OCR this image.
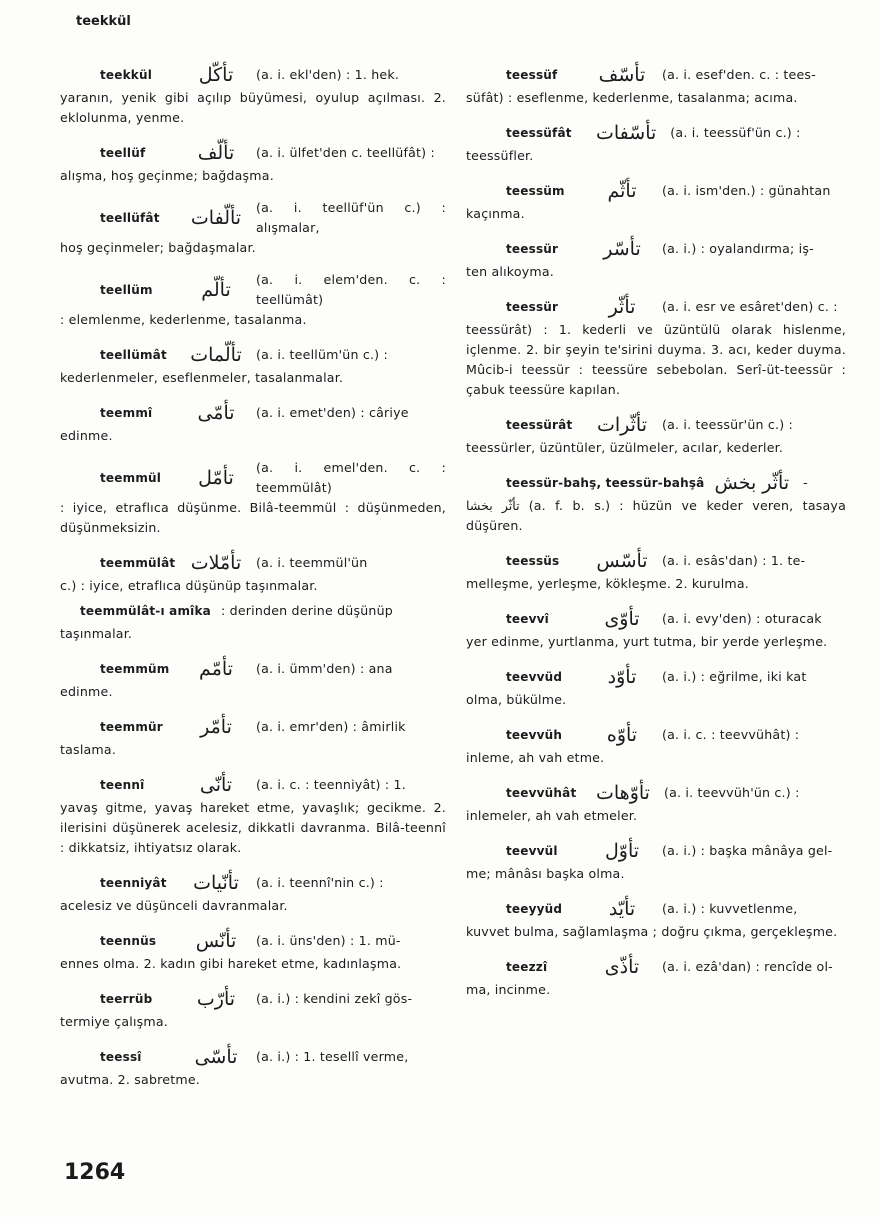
teekkül
teekkül	تأكّل	(a. i. ekl'den) : 1. hek.
yaranın, yenik gibi açılıp büyümesi, oyulup açılması. 2. eklolunma, yenme.
teellüf	تألّف	(a. i. ülfet'den c. teellüfât) :
alışma, hoş geçinme; bağdaşma.
teellüfât	تألّفات (a. i. teellüf'ün c.) : alışmalar,
hoş geçinmeler; bağdaşmalar.
teellüm	تألّم	(a. i. elem'den. c. : teellümât)
: elemlenme, kederlenme, tasalanma.
teellümât	تألّمات (a. i. teellüm'ün c.) :
kederlenmeler, eseflenmeler, tasalanmalar.
teemmî	تأمّى	(a. i. emet'den) : câriye
edinme.
teemmül	تأمّل	(a. i. emel'den. c. : teemmülât)
: iyice, etraflıca düşünme. Bilâ-teemmül : düşünmeden, düşünmeksizin.
teemmülât تأمّلات (a. i. teemmül'ün
c.) : iyice, etraflıca düşünüp taşınmalar.
teemmülât-ı amîka : derinden derine düşünüp
taşınmalar.
teemmüm	تأمّم	(a. i. ümm'den) : ana
edinme.
teemmür	تأمّر	(a. i. emr'den) : âmirlik
taslama.
teennî	تأنّى	(a. i. c. : teenniyât) : 1.
yavaş gitme, yavaş hareket etme, yavaşlık; gecikme. 2. ilerisini düşünerek acelesiz, dikkatli davranma. Bilâ-teennî : dikkatsiz, ihtiyatsız olarak.
teenniyât	تأنّيات (a. i. teennî'nin c.) :
acelesiz ve düşünceli davranmalar.
teennüs	تأنّس	(a. i. üns'den) : 1. mü-
ennes olma. 2. kadın gibi hareket etme, kadınlaşma.
teerrüb	تأرّب	(a. i.) : kendini zekî gös-
termiye çalışma.
teessî	تأسّى	(a. i.) : 1. tesellî verme,
avutma. 2. sabretme.
teessüf	تأسّف (a. i. esef'den. c. : tees-
süfât) : eseflenme, kederlenme, tasalanma; acıma.
teessüfât	تأسّفات (a. i. teessüf'ün c.) :
teessüfler.
teessüm	تأثّم	(a. i. ism'den.) : günahtan
kaçınma.
teessür	تأسّر	(a. i.) : oyalandırma; iş-
ten alıkoyma.
teessür	تأثّر	(a. i. esr ve esâret'den) c. :
teessürât) : 1. kederli ve üzüntülü olarak hislenme, içlenme. 2. bir şeyin te'sirini duyma. 3. acı, keder duyma. Mûcib-i teessür : teessüre sebebolan. Serî-üt-teessür : çabuk teessüre kapılan.
teessürât	تأثّرات (a. i. teessür'ün c.) :
teessürler, üzüntüler, üzülmeler, acılar, kederler.
teessür-bahş, teessür-bahşâ تأثّر بخش -
تأثّر بخشا (a. f. b. s.) : hüzün ve keder veren, tasaya düşüren.
teessüs	تأسّس (a. i. esâs'dan) : 1. te-
melleşme, yerleşme, kökleşme. 2. kurulma.
teevvî	تأوّى	(a. i. evy'den) : oturacak
yer edinme, yurtlanma, yurt tutma, bir yerde yerleşme.
teevvüd	تأوّد	(a. i.) : eğrilme, iki kat
olma, bükülme.
teevvüh	تأوّه	(a. i. c. : teevvühât) :
inleme, ah vah etme.
teevvühât	تأوّهات (a. i. teevvüh'ün c.) :
inlemeler, ah vah etmeler.
teevvül	تأوّل	(a. i.) : başka mânâya gel-
me; mânâsı başka olma.
teeyyüd	تأيّد	(a. i.) : kuvvetlenme,
kuvvet bulma, sağlamlaşma ; doğru çıkma, gerçekleşme.
teezzî	تأذّى	(a. i. ezâ'dan) : rencîde ol-
ma, incinme.
1264
